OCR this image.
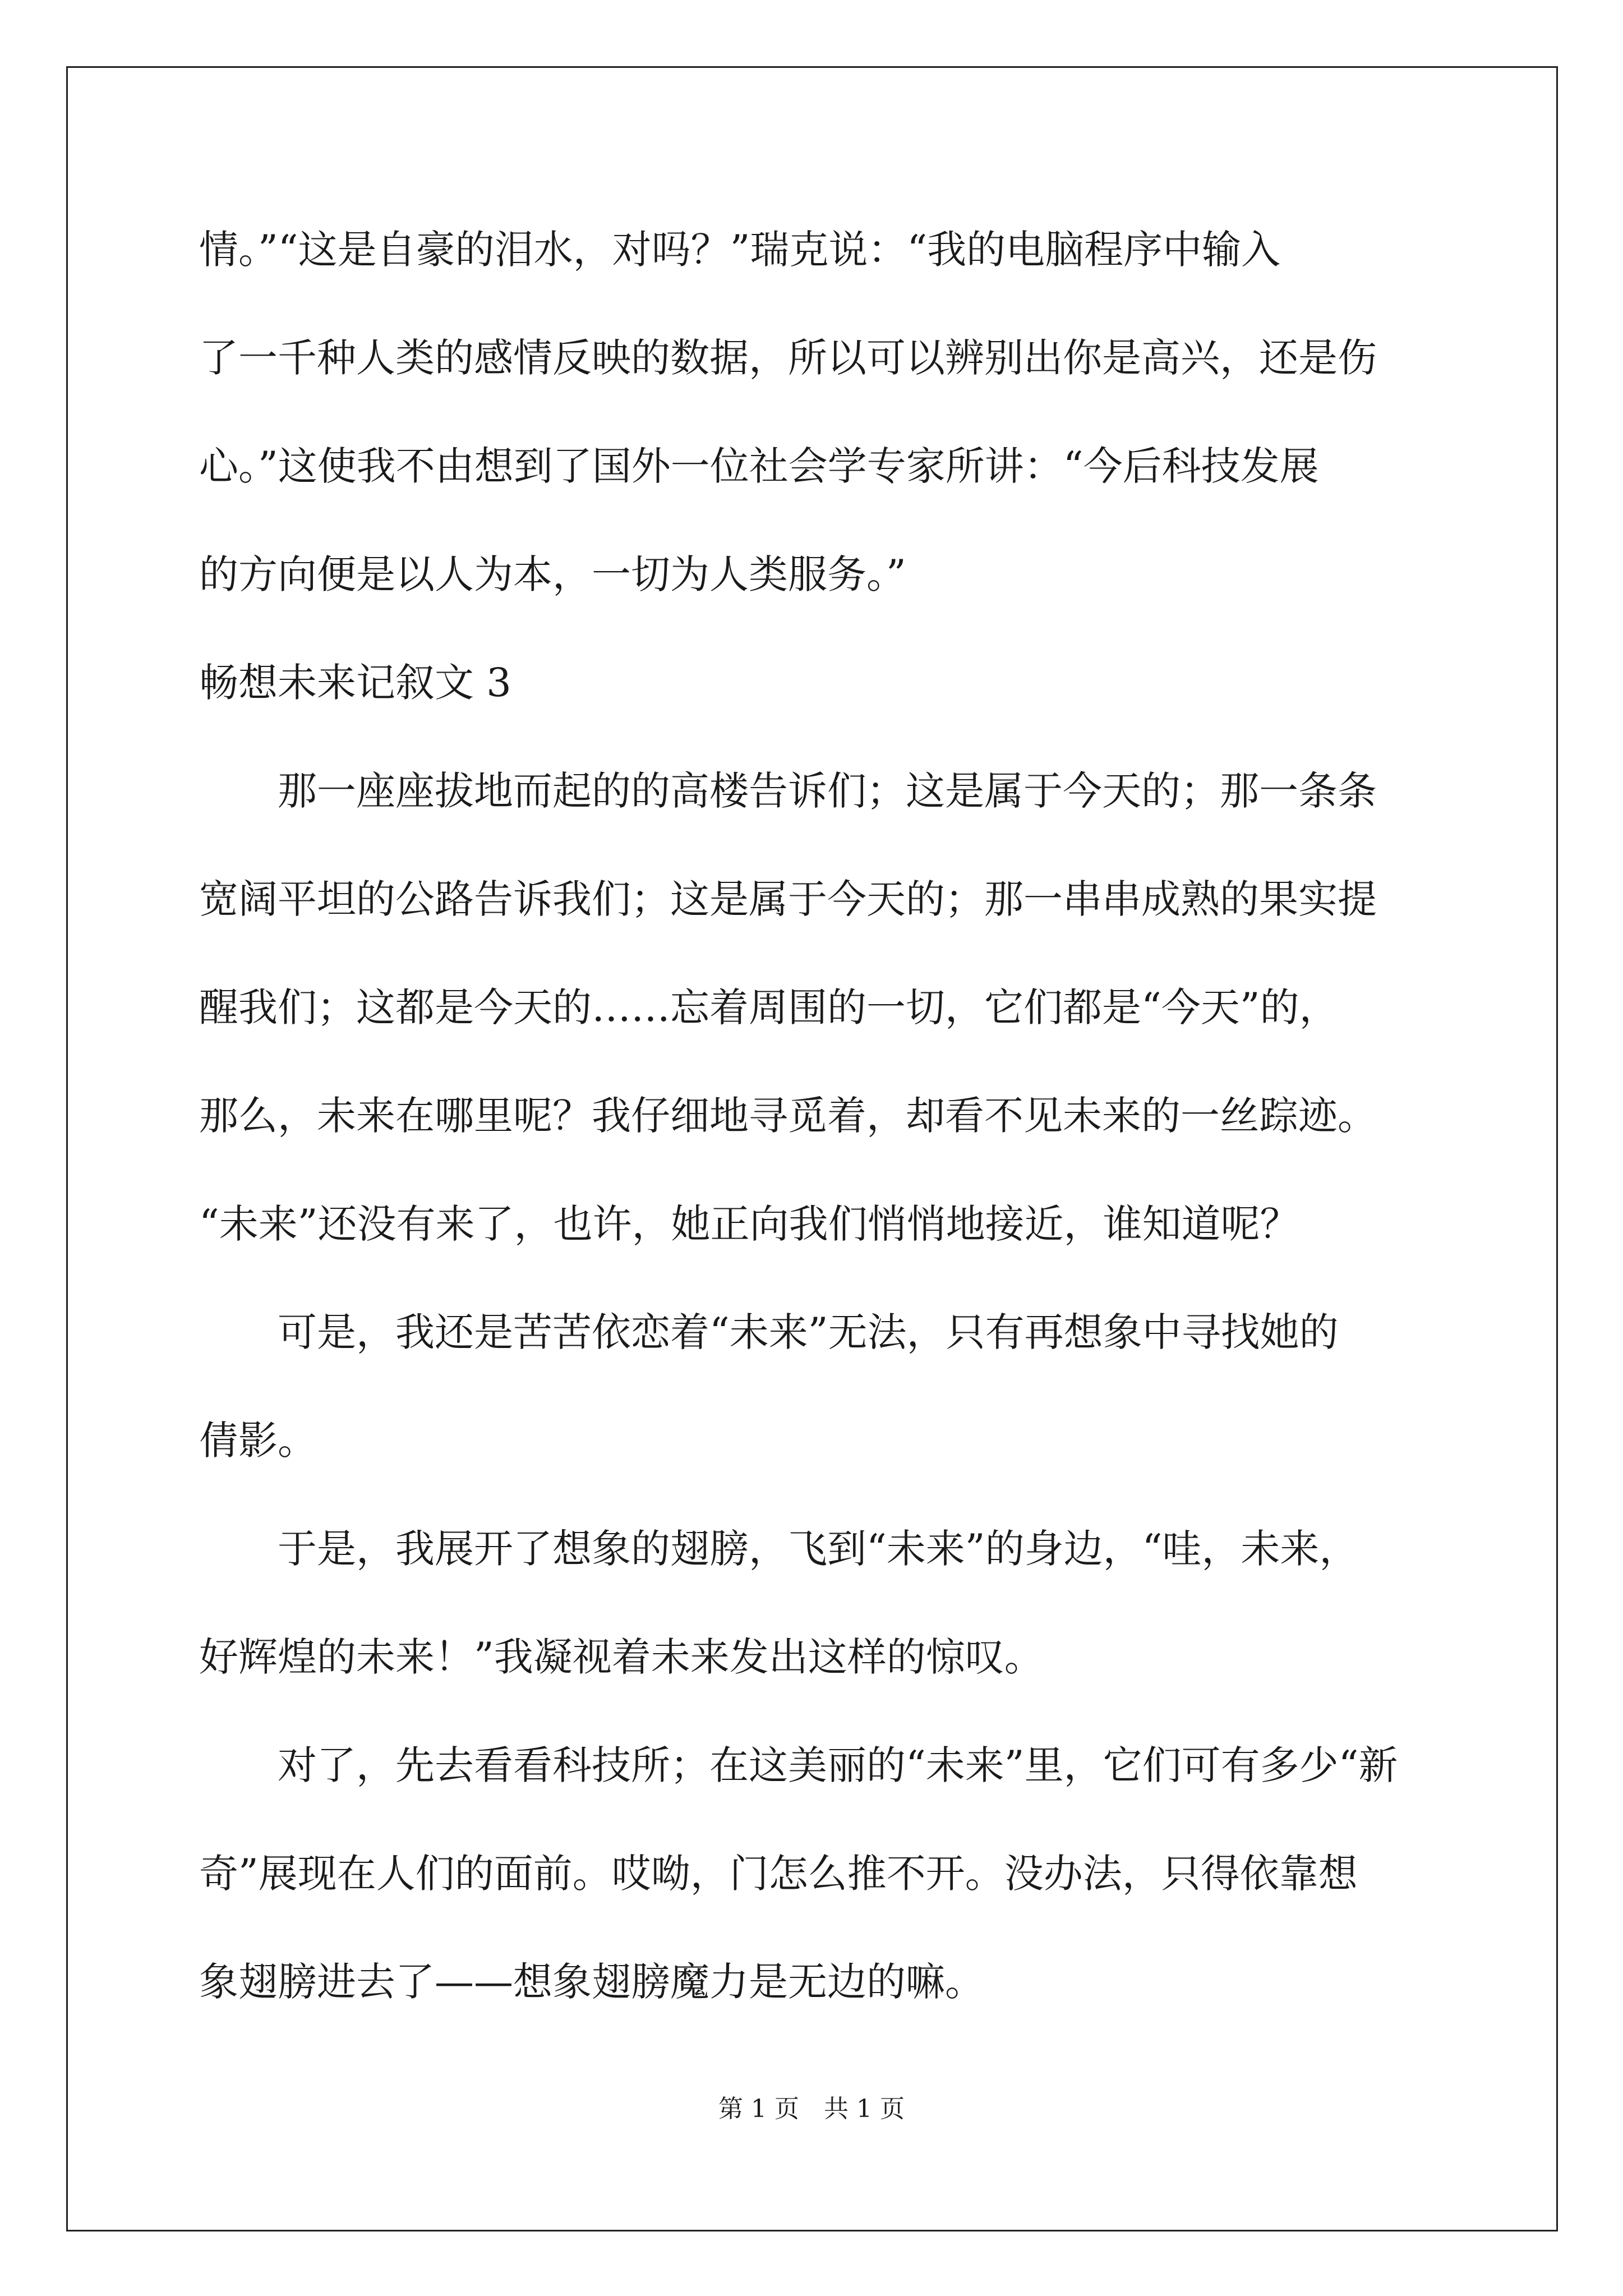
情。”“这是自豪的泪水，对吗？”瑞克说：“我的电脑程序中输入
了一千种人类的感情反映的数据，所以可以辨别出你是高兴，还是伤
心。”这使我不由想到了国外一位社会学专家所讲：“今后科技发展
的方向便是以人为本，一切为人类服务。”
畅想未来记叙文 3
　　那一座座拔地而起的的高楼告诉们；这是属于今天的；那一条条
宽阔平坦的公路告诉我们；这是属于今天的；那一串串成熟的果实提
醒我们；这都是今天的……忘着周围的一切，它们都是“今天”的，
那么，未来在哪里呢？我仔细地寻觅着，却看不见未来的一丝踪迹。
“未来”还没有来了，也许，她正向我们悄悄地接近，谁知道呢？
　　可是，我还是苦苦依恋着“未来”无法，只有再想象中寻找她的
倩影。
　　于是，我展开了想象的翅膀，飞到“未来”的身边，“哇，未来，
好辉煌的未来！”我凝视着未来发出这样的惊叹。
　　对了，先去看看科技所；在这美丽的“未来”里，它们可有多少“新
奇”展现在人们的面前。哎呦，门怎么推不开。没办法，只得依靠想
象翅膀进去了——想象翅膀魔力是无边的嘛。
第 1 页　共 1 页
